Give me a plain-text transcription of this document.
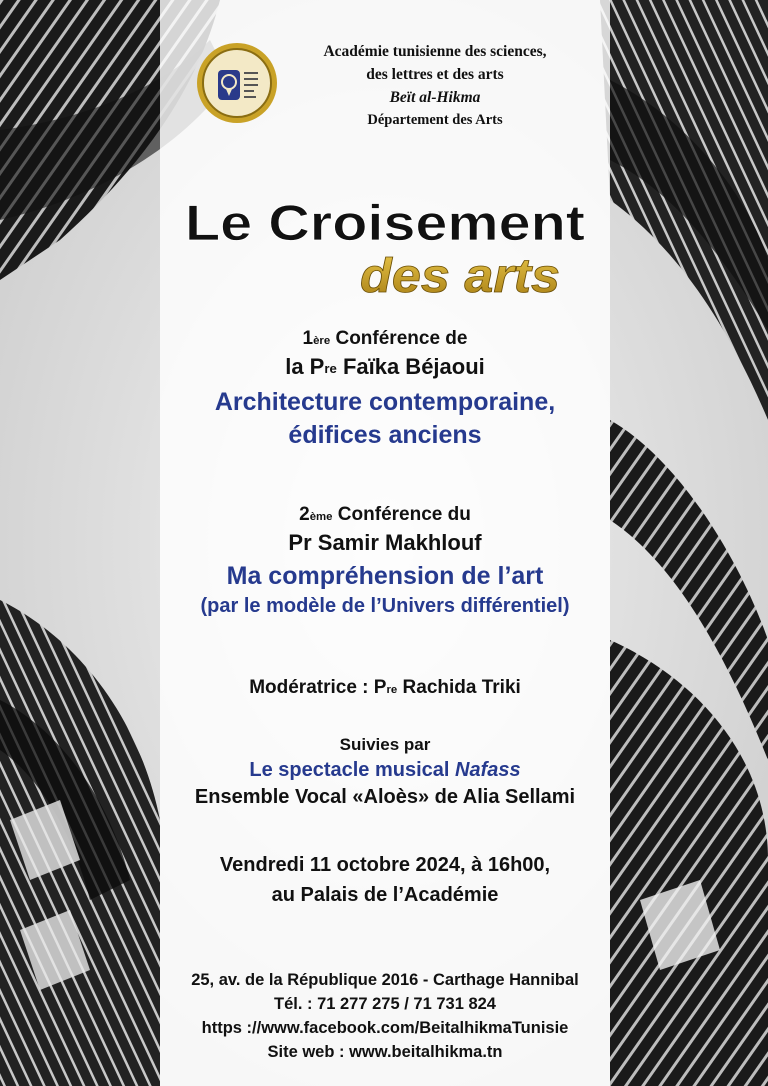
Académie tunisienne des sciences,
des lettres et des arts
Beït al-Hikma
Département des Arts
Le Croisement
des arts
1ère Conférence de
la $P^{re}$ Faïka Béjaoui
Architecture contemporaine,
édifices anciens
2ème Conférence du
Pr Samir Makhlouf
Ma compréhension de l’art
(par le modèle de l’Univers différentiel)
Modératrice : $P^{re}$ Rachida Triki
Suivies par
Le spectacle musical Nafass
Ensemble Vocal «Aloès» de Alia Sellami
Vendredi 11 octobre 2024, à 16h00,
au Palais de l’Académie
25, av. de la République 2016 - Carthage Hannibal
Tél. : 71 277 275 / 71 731 824
https ://www.facebook.com/BeitalhikmaTunisie
Site web : www.beitalhikma.tn
